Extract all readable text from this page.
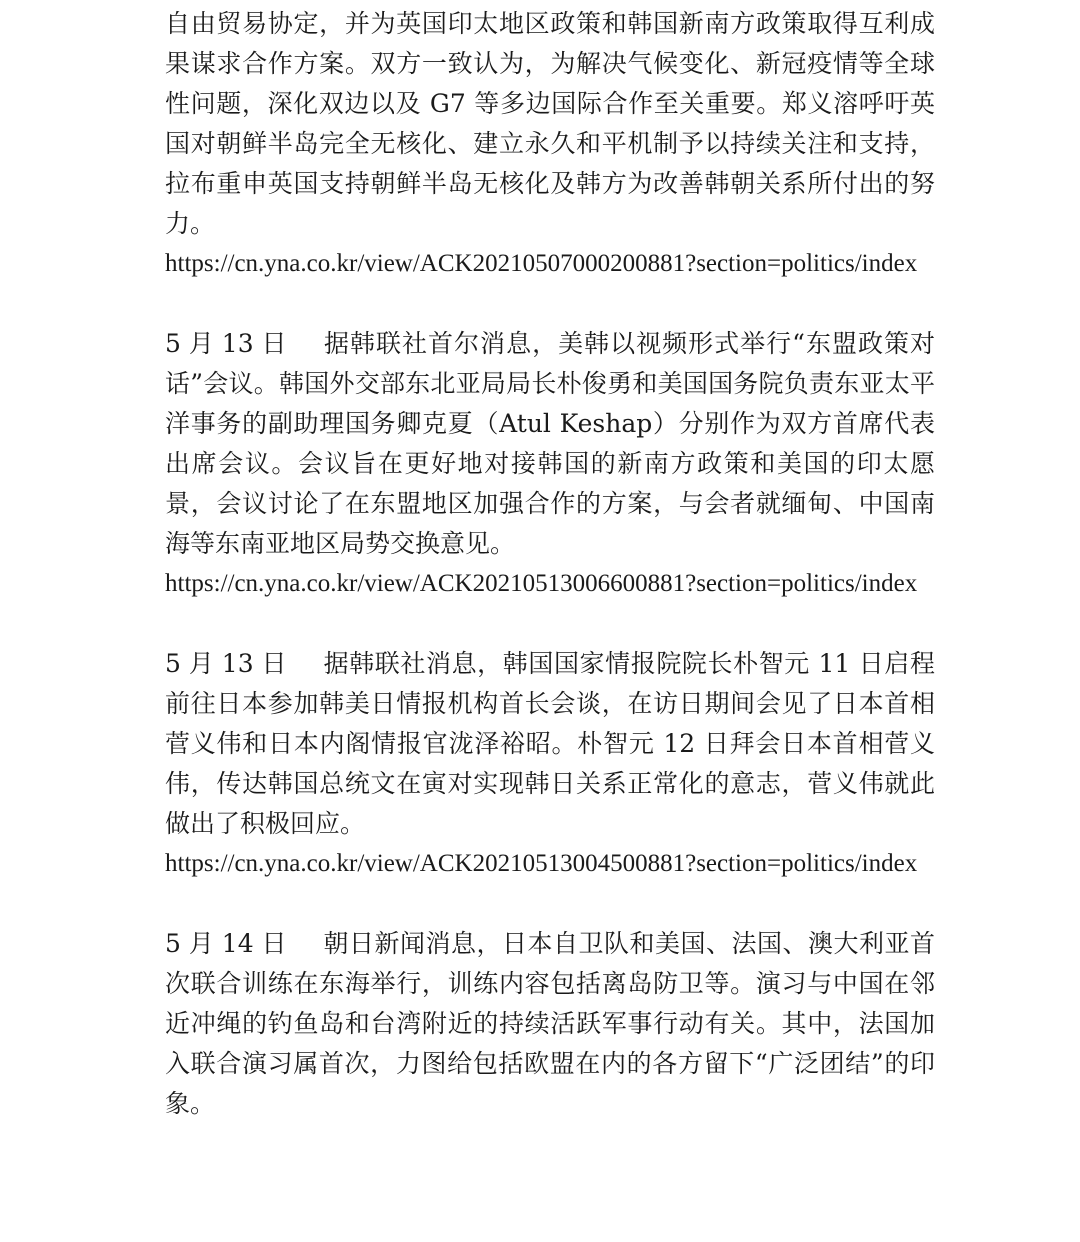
自由贸易协定，并为英国印太地区政策和韩国新南方政策取得互利成果谋求合作方案。双方一致认为，为解决气候变化、新冠疫情等全球性问题，深化双边以及 G7 等多边国际合作至关重要。郑义溶呼吁英国对朝鲜半岛完全无核化、建立永久和平机制予以持续关注和支持，拉布重申英国支持朝鲜半岛无核化及韩方为改善韩朝关系所付出的努力。

https://cn.yna.co.kr/view/ACK20210507000200881?section=politics/index

5 月 13 日 据韩联社首尔消息，美韩以视频形式举行“东盟政策对话”会议。韩国外交部东北亚局局长朴俊勇和美国国务院负责东亚太平洋事务的副助理国务卿克夏（Atul Keshap）分别作为双方首席代表出席会议。会议旨在更好地对接韩国的新南方政策和美国的印太愿景，会议讨论了在东盟地区加强合作的方案，与会者就缅甸、中国南海等东南亚地区局势交换意见。

https://cn.yna.co.kr/view/ACK20210513006600881?section=politics/index

5 月 13 日 据韩联社消息，韩国国家情报院院长朴智元 11 日启程前往日本参加韩美日情报机构首长会谈，在访日期间会见了日本首相菅义伟和日本内阁情报官泷泽裕昭。朴智元 12 日拜会日本首相菅义伟，传达韩国总统文在寅对实现韩日关系正常化的意志，菅义伟就此做出了积极回应。

https://cn.yna.co.kr/view/ACK20210513004500881?section=politics/index

5 月 14 日 朝日新闻消息，日本自卫队和美国、法国、澳大利亚首次联合训练在东海举行，训练内容包括离岛防卫等。演习与中国在邻近冲绳的钓鱼岛和台湾附近的持续活跃军事行动有关。其中，法国加入联合演习属首次，力图给包括欧盟在内的各方留下“广泛团结”的印象。
